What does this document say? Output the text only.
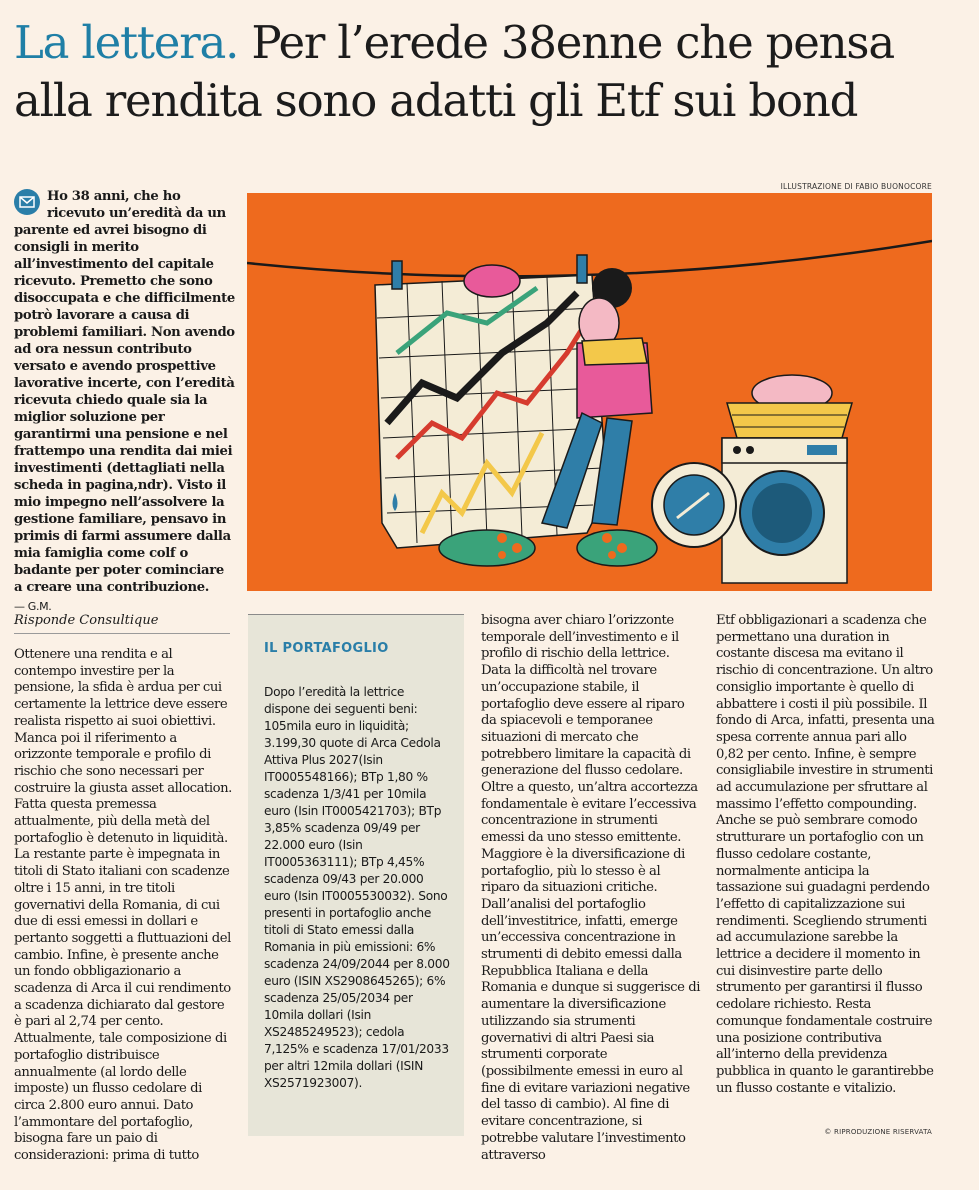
La lettera. Per l’erede 38enne che pensa alla rendita sono adatti gli Etf sui bond
Ho 38 anni, che ho ricevuto un’eredità da un parente ed avrei bisogno di consigli in merito all’investimento del capitale ricevuto. Premetto che sono disoccupata e che difficilmente potrò lavorare a causa di problemi familiari. Non avendo ad ora nessun contributo versato e avendo prospettive lavorative incerte, con l’eredità ricevuta chiedo quale sia la miglior soluzione per garantirmi una pensione e nel frattempo una rendita dai miei investimenti (dettagliati nella scheda in pagina,ndr). Visto il mio impegno nell’assolvere la gestione familiare, pensavo in primis di farmi assumere dalla mia famiglia come colf o badante per poter cominciare a creare una contribuzione.
— G.M.
ILLUSTRAZIONE DI FABIO BUONOCORE
Risponde Consultique
Ottenere una rendita e al contempo investire per la pensione, la sfida è ardua per cui certamente la lettrice deve essere realista rispetto ai suoi obiettivi. Manca poi il riferimento a orizzonte temporale e profilo di rischio che sono necessari per costruire la giusta asset allocation. Fatta questa premessa attualmente, più della metà del portafoglio è detenuto in liquidità. La restante parte è impegnata in titoli di Stato italiani con scadenze oltre i 15 anni, in tre titoli governativi della Romania, di cui due di essi emessi in dollari e pertanto soggetti a fluttuazioni del cambio. Infine, è presente anche un fondo obbligazionario a scadenza di Arca il cui rendimento a scadenza dichiarato dal gestore è pari al 2,74 per cento. Attualmente, tale composizione di portafoglio distribuisce annualmente (al lordo delle imposte) un flusso cedolare di circa 2.800 euro annui. Dato l’ammontare del portafoglio, bisogna fare un paio di considerazioni: prima di tutto
IL PORTAFOGLIO
Dopo l’eredità la lettrice dispone dei seguenti beni: 105mila euro in liquidità; 3.199,30 quote di Arca Cedola Attiva Plus 2027(Isin IT0005548166); BTp 1,80 % scadenza 1/3/41 per 10mila euro (Isin IT0005421703); BTp 3,85% scadenza 09/49 per 22.000 euro (Isin IT0005363111); BTp 4,45% scadenza 09/43 per 20.000 euro (Isin IT0005530032). Sono presenti in portafoglio anche titoli di Stato emessi dalla Romania in più emissioni: 6% scadenza 24/09/2044 per 8.000 euro (ISIN XS2908645265); 6% scadenza 25/05/2034 per 10mila dollari (Isin XS2485249523); cedola 7,125% e scadenza 17/01/2033 per altri 12mila dollari (ISIN XS2571923007).
bisogna aver chiaro l’orizzonte temporale dell’investimento e il profilo di rischio della lettrice. Data la difficoltà nel trovare un’occupazione stabile, il portafoglio deve essere al riparo da spiacevoli e temporanee situazioni di mercato che potrebbero limitare la capacità di generazione del flusso cedolare. Oltre a questo, un’altra accortezza fondamentale è evitare l’eccessiva concentrazione in strumenti emessi da uno stesso emittente. Maggiore è la diversificazione di portafoglio, più lo stesso è al riparo da situazioni critiche. Dall’analisi del portafoglio dell’investitrice, infatti, emerge un’eccessiva concentrazione in strumenti di debito emessi dalla Repubblica Italiana e della Romania e dunque si suggerisce di aumentare la diversificazione utilizzando sia strumenti governativi di altri Paesi sia strumenti corporate (possibilmente emessi in euro al fine di evitare variazioni negative del tasso di cambio). Al fine di evitare concentrazione, si potrebbe valutare l’investimento attraverso
Etf obbligazionari a scadenza che permettano una duration in costante discesa ma evitano il rischio di concentrazione. Un altro consiglio importante è quello di abbattere i costi il più possibile. Il fondo di Arca, infatti, presenta una spesa corrente annua pari allo 0,82 per cento. Infine, è sempre consigliabile investire in strumenti ad accumulazione per sfruttare al massimo l’effetto compounding. Anche se può sembrare comodo strutturare un portafoglio con un flusso cedolare costante, normalmente anticipa la tassazione sui guadagni perdendo l’effetto di capitalizzazione sui rendimenti. Scegliendo strumenti ad accumulazione sarebbe la lettrice a decidere il momento in cui disinvestire parte dello strumento per garantirsi il flusso cedolare richiesto. Resta comunque fondamentale costruire una posizione contributiva all’interno della previdenza pubblica in quanto le garantirebbe un flusso costante e vitalizio.
© RIPRODUZIONE RISERVATA
